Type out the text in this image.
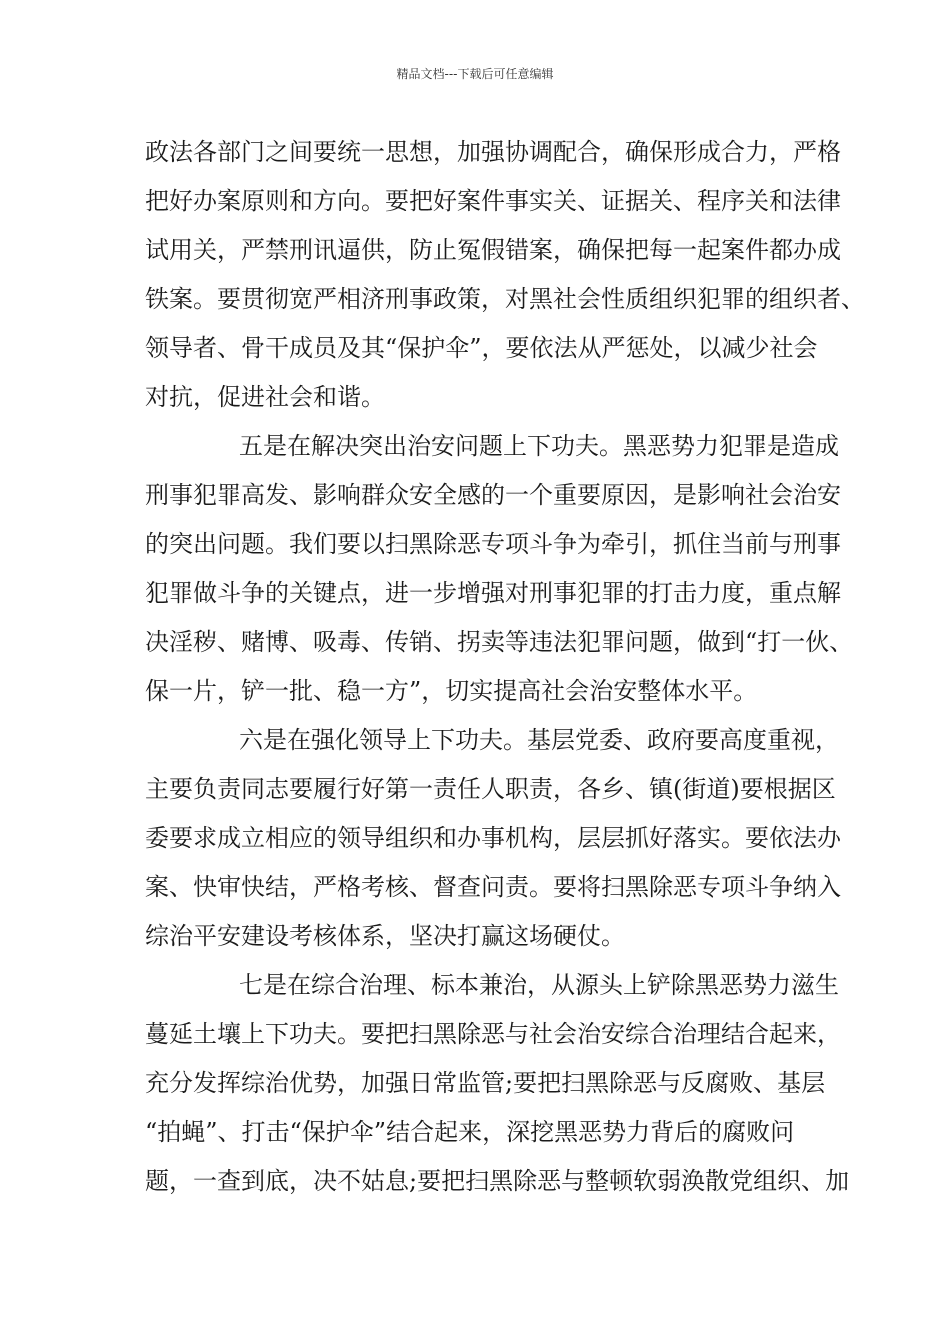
精品文档---下载后可任意编辑
政法各部门之间要统一思想，加强协调配合，确保形成合力，严格
把好办案原则和方向。要把好案件事实关、证据关、程序关和法律
试用关，严禁刑讯逼供，防止冤假错案，确保把每一起案件都办成
铁案。要贯彻宽严相济刑事政策，对黑社会性质组织犯罪的组织者、
领导者、骨干成员及其“保护伞”，要依法从严惩处，以减少社会
对抗，促进社会和谐。
五是在解决突出治安问题上下功夫。黑恶势力犯罪是造成
刑事犯罪高发、影响群众安全感的一个重要原因，是影响社会治安
的突出问题。我们要以扫黑除恶专项斗争为牵引，抓住当前与刑事
犯罪做斗争的关键点，进一步增强对刑事犯罪的打击力度，重点解
决淫秽、赌博、吸毒、传销、拐卖等违法犯罪问题，做到“打一伙、
保一片，铲一批、稳一方”，切实提高社会治安整体水平。
六是在强化领导上下功夫。基层党委、政府要高度重视，
主要负责同志要履行好第一责任人职责，各乡、镇(街道)要根据区
委要求成立相应的领导组织和办事机构，层层抓好落实。要依法办
案、快审快结，严格考核、督查问责。要将扫黑除恶专项斗争纳入
综治平安建设考核体系，坚决打赢这场硬仗。
七是在综合治理、标本兼治，从源头上铲除黑恶势力滋生
蔓延土壤上下功夫。要把扫黑除恶与社会治安综合治理结合起来，
充分发挥综治优势，加强日常监管;要把扫黑除恶与反腐败、基层
“拍蝇”、打击“保护伞”结合起来，深挖黑恶势力背后的腐败问
题，一查到底，决不姑息;要把扫黑除恶与整顿软弱涣散党组织、加
